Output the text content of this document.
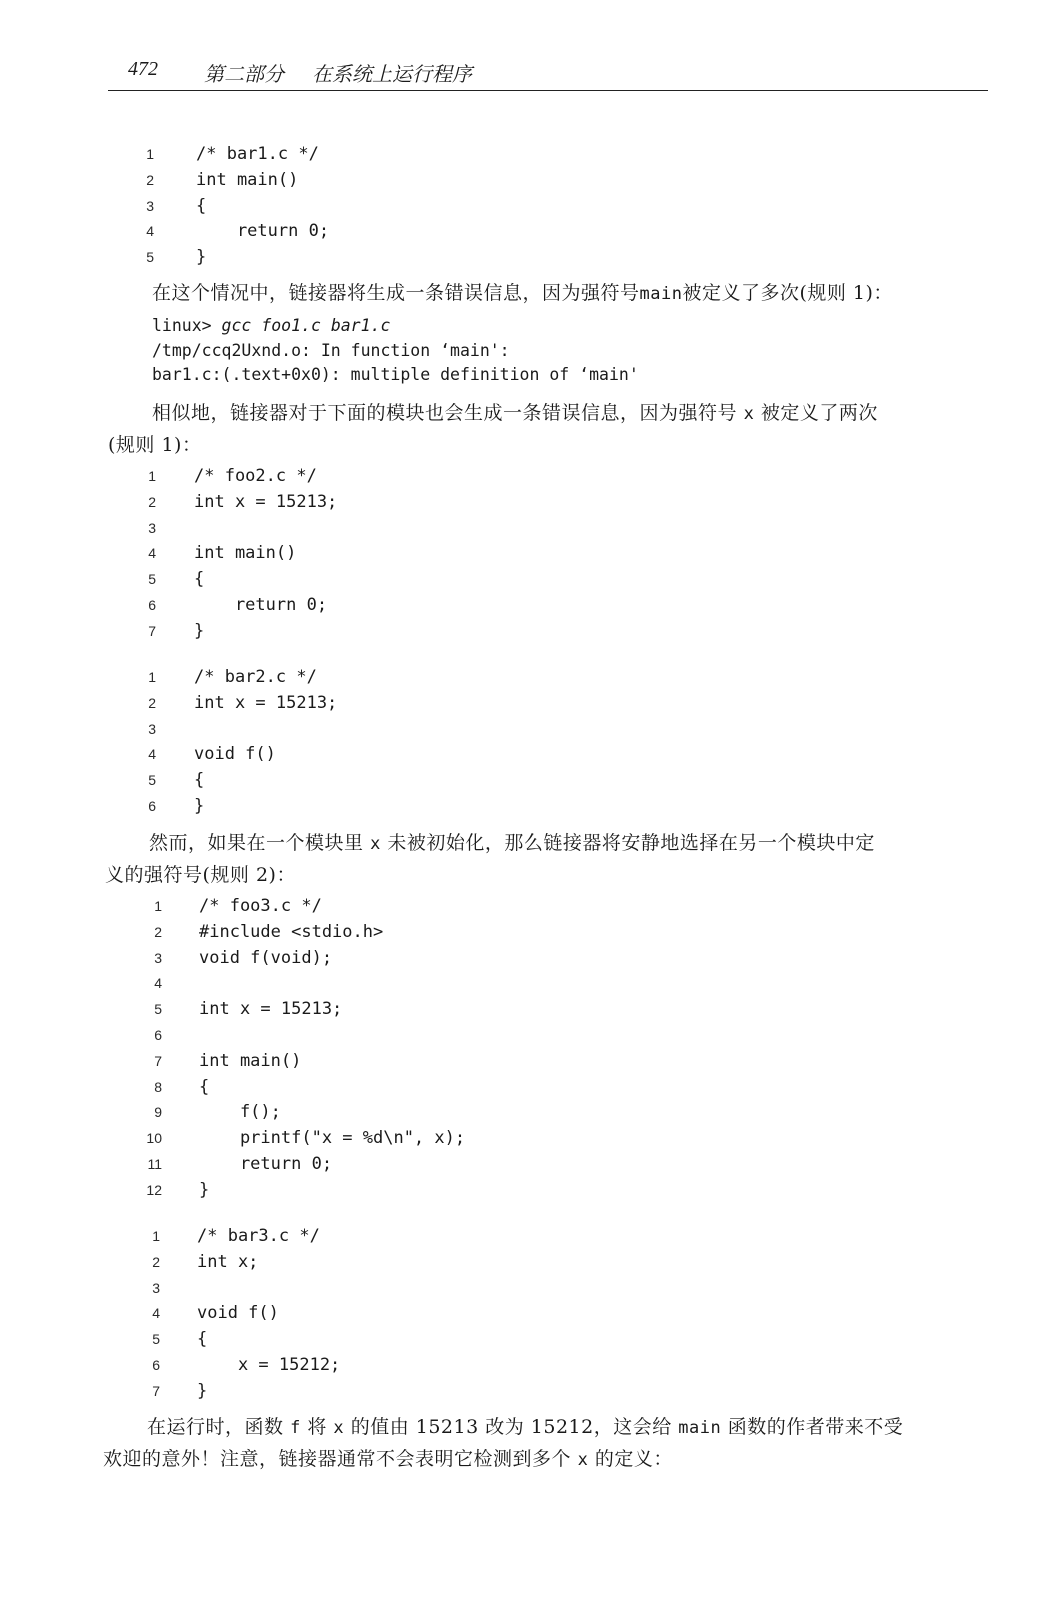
472 第二部分 在系统上运行程序
1 /* bar1.c */
2 int main()
3 {
4 return 0;
5 }
在这个情况中，链接器将生成一条错误信息，因为强符号main被定义了多次(规则 1)：
linux> gcc foo1.c bar1.c
/tmp/ccq2Uxnd.o: In function ‘main':
bar1.c:(.text+0x0): multiple definition of ‘main'
相似地，链接器对于下面的模块也会生成一条错误信息，因为强符号 x 被定义了两次
(规则 1)：
1 /* foo2.c */
2 int x = 15213;
3
4 int main()
5 {
6 return 0;
7 }
1 /* bar2.c */
2 int x = 15213;
3
4 void f()
5 {
6 }
然而，如果在一个模块里 x 未被初始化，那么链接器将安静地选择在另一个模块中定
义的强符号(规则 2)：
1 /* foo3.c */
2 #include <stdio.h>
3 void f(void);
4
5 int x = 15213;
6
7 int main()
8 {
9 f();
10 printf("x = %d\n", x);
11 return 0;
12 }
1 /* bar3.c */
2 int x;
3
4 void f()
5 {
6 x = 15212;
7 }
在运行时，函数 f 将 x 的值由 15213 改为 15212，这会给 main 函数的作者带来不受
欢迎的意外！注意，链接器通常不会表明它检测到多个 x 的定义：
